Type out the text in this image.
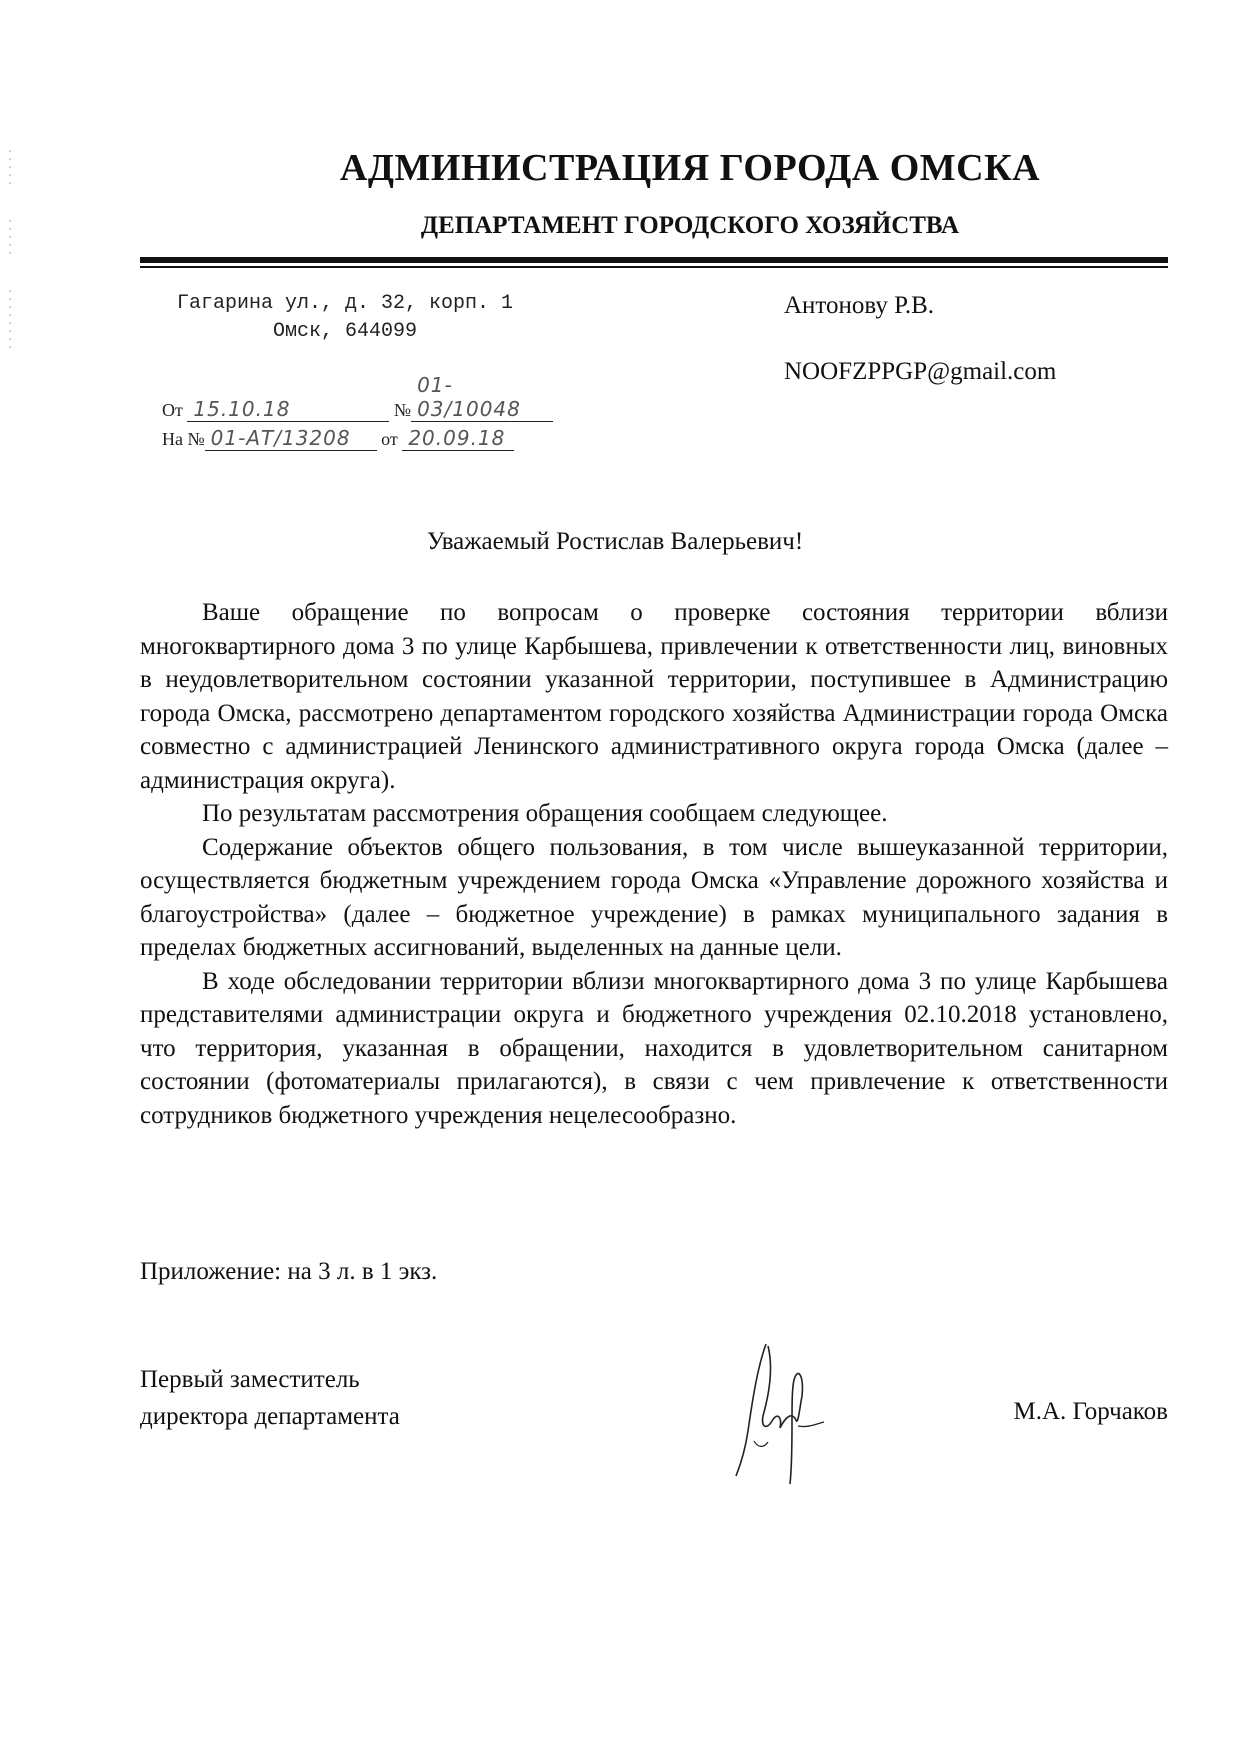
АДМИНИСТРАЦИЯ ГОРОДА ОМСКА
ДЕПАРТАМЕНТ ГОРОДСКОГО ХОЗЯЙСТВА
Гагарина ул., д. 32, корп. 1
Омск, 644099
От 15.10.18	№01-03/10048
На № 01-АТ/13208 от 20.09.18
Антонову Р.В.
NOOFZPPGP@gmail.com
Уважаемый Ростислав Валерьевич!

Ваше обращение по вопросам о проверке состояния территории вблизи многоквартирного дома 3 по улице Карбышева, привлечении к ответственности лиц, виновных в неудовлетворительном состоянии указанной территории, поступившее в Администрацию города Омска, рассмотрено департаментом городского хозяйства Администрации города Омска совместно с администрацией Ленинского административного округа города Омска (далее – администрация округа).

По результатам рассмотрения обращения сообщаем следующее.

Содержание объектов общего пользования, в том числе вышеуказанной территории, осуществляется бюджетным учреждением города Омска «Управление дорожного хозяйства и благоустройства» (далее – бюджетное учреждение) в рамках муниципального задания в пределах бюджетных ассигнований, выделенных на данные цели.

В ходе обследовании территории вблизи многоквартирного дома 3 по улице Карбышева представителями администрации округа и бюджетного учреждения 02.10.2018 установлено, что территория, указанная в обращении, находится в удовлетворительном санитарном состоянии (фотоматериалы прилагаются), в связи с чем привлечение к ответственности сотрудников бюджетного учреждения нецелесообразно.

Приложение: на 3 л. в 1 экз.
Первый заместитель
директора департамента	М.А. Горчаков
